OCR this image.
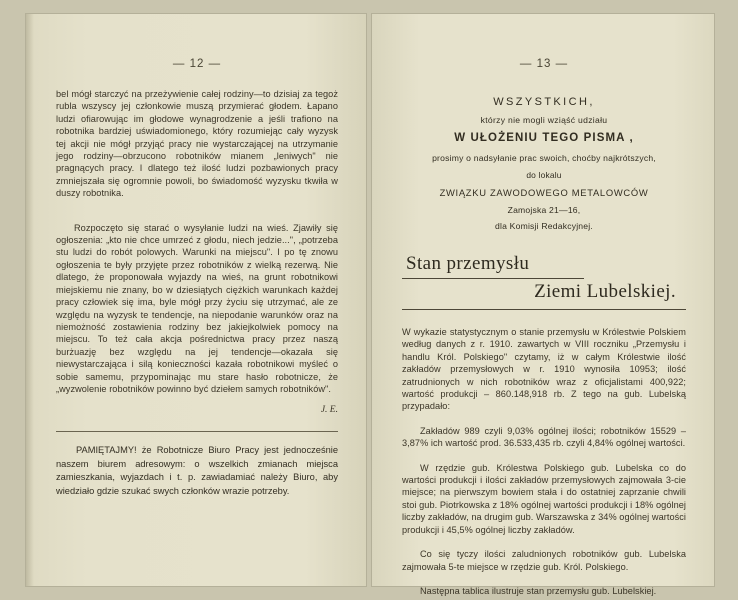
— 12 —

bel mógł starczyć na przeżywienie całej rodziny—to dzisiaj za tegoż rubla wszyscy jej członkowie muszą przymierać głodem. Łapano ludzi ofiarowując im głodowe wynagrodzenie a jeśli trafiono na robotnika bardziej uświadomionego, który rozumiejąc cały wyzysk tej akcji nie mógł przyjąć pracy nie wystarczającej na utrzymanie jego rodziny—obrzucono robotników mianem „leniwych" nie pragnących pracy. I dlatego też ilość ludzi pozbawionych pracy zmniejszała się ogromnie powoli, bo świadomość wyzysku tkwiła w duszy robotnika.

Rozpoczęto się starać o wysyłanie ludzi na wieś. Zjawiły się ogłoszenia: „kto nie chce umrzeć z głodu, niech jedzie...", „potrzeba stu ludzi do robót polowych. Warunki na miejscu". I po tę znowu ogłoszenia te były przyjęte przez robotników z wielką rezerwą. Nie dlatego, że proponowała wyjazdy na wieś, na grunt robotnikowi miejskiemu nie znany, bo w dziesiątych ciężkich warunkach każdej pracy człowiek się ima, byle mógł przy życiu się utrzymać, ale ze względu na wyzysk te tendencje, na niepodanie warunków oraz na niemożność zostawienia rodziny bez jakiejkolwiek pomocy na miejscu. To też cała akcja pośrednictwa pracy przez naszą burżuazję bez względu na jej tendencje—okazała się niewystarczająca i silą konieczności kazała robotnikowi myśleć o sobie samemu, przypominając mu stare hasło robotnicze, że „wyzwolenie robotników powinno być dziełem samych robotników".

J. E.

PAMIĘTAJMY! że Robotnicze Biuro Pracy jest jednocześnie naszem biurem adresowym: o wszelkich zmianach miejsca zamieszkania, wyjazdach i t. p. zawiadamiać należy Biuro, aby wiedziało gdzie szukać swych członków wrazie potrzeby.

— 13 —
WSZYSTKICH,
którzy nie mogli wziąść udziału
W UŁOŻENIU TEGO PISMA ,
prosimy o nadsyłanie prac swoich, choćby najkrótszych,
do lokalu
ZWIĄZKU ZAWODOWEGO METALOWCÓW
Zamojska 21—16,
dla Komisji Redakcyjnej.
Stan przemysłu
Ziemi Lubelskiej.

W wykazie statystycznym o stanie przemysłu w Królestwie Polskiem według danych z r. 1910. zawartych w VIII roczniku „Przemysłu i handlu Król. Polskiego" czytamy, iż w całym Królestwie ilość zakładów przemysłowych w r. 1910 wynosiła 10953; ilość zatrudnionych w nich robotników wraz z oficjalistami 400,922; wartość produkcji – 860.148,918 rb. Z tego na gub. Lubelską przypadało:

Zakładów 989 czyli 9,03% ogólnej ilości; robotników 15529 – 3,87% ich wartość prod. 36.533,435 rb. czyli 4,84% ogólnej wartości.

W rzędzie gub. Królestwa Polskiego gub. Lubelska co do wartości produkcji i ilości zakładów przemysłowych zajmowała 3-cie miejsce; na pierwszym bowiem stała i do ostatniej zaprzanie chwili stoi gub. Piotrkowska z 18% ogólnej wartości produkcji i 18% ogólnej liczby zakładów, na drugim gub. Warszawska z 34% ogólnej wartości produkcji i 45,5% ogólnej liczby zakładów.

Co się tyczy ilości zaludnionych robotników gub. Lubelska zajmowała 5-te miejsce w rzędzie gub. Król. Polskiego.

Następna tablica ilustruje stan przemysłu gub. Lubelskiej.
